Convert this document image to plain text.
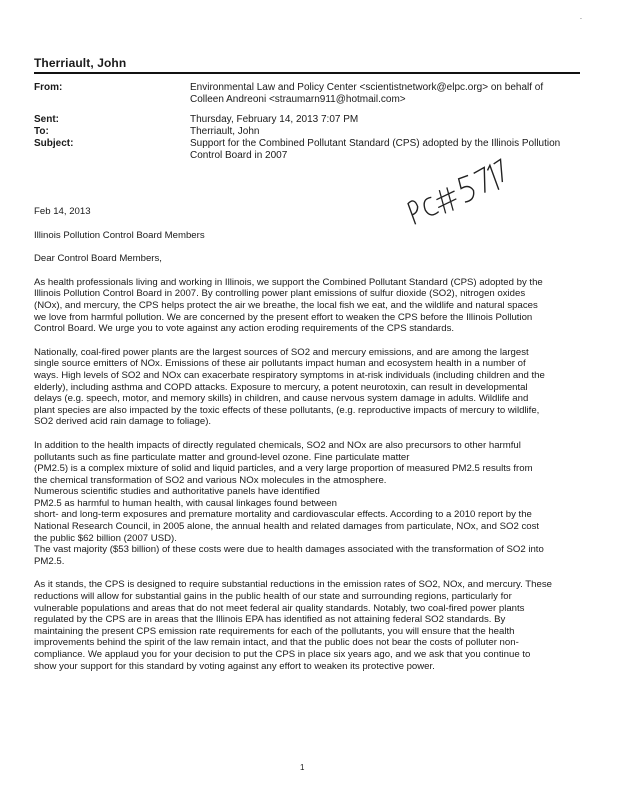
.
Therriault, John
From:	Environmental Law and Policy Center <scientistnetwork@elpc.org> on behalf of Colleen Andreoni <straumarn911@hotmail.com>
Sent:	Thursday, February 14, 2013 7:07 PM
To:	Therriault, John
Subject:	Support for the Combined Pollutant Standard (CPS) adopted by the Illinois Pollution Control Board in 2007

Feb 14, 2013

Illinois Pollution Control Board Members

Dear Control Board Members,

As health professionals living and working in Illinois, we support the Combined Pollutant Standard (CPS) adopted by the
Illinois Pollution Control Board in 2007. By controlling power plant emissions of sulfur dioxide (SO2), nitrogen oxides
(NOx), and mercury, the CPS helps protect the air we breathe, the local fish we eat, and the wildlife and natural spaces
we love from harmful pollution. We are concerned by the present effort to weaken the CPS before the Illinois Pollution
Control Board. We urge you to vote against any action eroding requirements of the CPS standards.

Nationally, coal-fired power plants are the largest sources of SO2 and mercury emissions, and are among the largest
single source emitters of NOx. Emissions of these air pollutants impact human and ecosystem health in a number of
ways. High levels of SO2 and NOx can exacerbate respiratory symptoms in at-risk individuals (including children and the
elderly), including asthma and COPD attacks. Exposure to mercury, a potent neurotoxin, can result in developmental
delays (e.g. speech, motor, and memory skills) in children, and cause nervous system damage in adults. Wildlife and
plant species are also impacted by the toxic effects of these pollutants, (e.g. reproductive impacts of mercury to wildlife,
SO2 derived acid rain damage to foliage).

In addition to the health impacts of directly regulated chemicals, SO2 and NOx are also precursors to other harmful
pollutants such as fine particulate matter and ground-level ozone. Fine particulate matter
(PM2.5) is a complex mixture of solid and liquid particles, and a very large proportion of measured PM2.5 results from
the chemical transformation of SO2 and various NOx molecules in the atmosphere.
Numerous scientific studies and authoritative panels have identified
PM2.5 as harmful to human health, with causal linkages found between
short- and long-term exposures and premature mortality and cardiovascular effects. According to a 2010 report by the
National Research Council, in 2005 alone, the annual health and related damages from particulate, NOx, and SO2 cost
the public $62 billion (2007 USD).
The vast majority ($53 billion) of these costs were due to health damages associated with the transformation of SO2 into
PM2.5.

As it stands, the CPS is designed to require substantial reductions in the emission rates of SO2, NOx, and mercury. These
reductions will allow for substantial gains in the public health of our state and surrounding regions, particularly for
vulnerable populations and areas that do not meet federal air quality standards. Notably, two coal-fired power plants
regulated by the CPS are in areas that the Illinois EPA has identified as not attaining federal SO2 standards. By
maintaining the present CPS emission rate requirements for each of the pollutants, you will ensure that the health
improvements behind the spirit of the law remain intact, and that the public does not bear the costs of polluter non-
compliance. We applaud you for your decision to put the CPS in place six years ago, and we ask that you continue to
show your support for this standard by voting against any effort to weaken its protective power.

1
